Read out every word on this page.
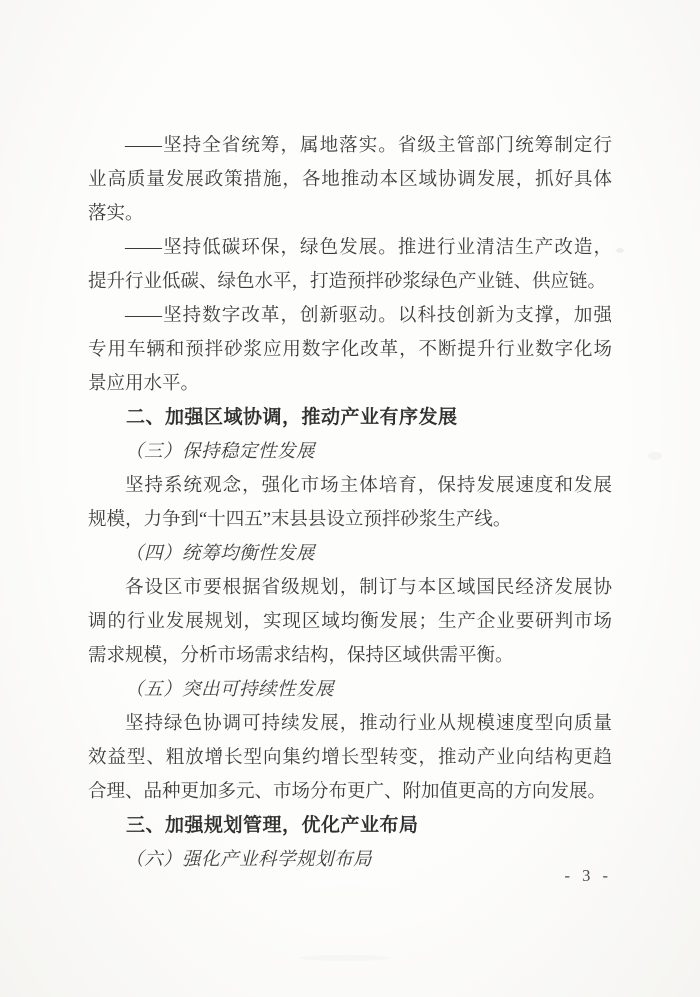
——坚持全省统筹，属地落实。省级主管部门统筹制定行
业高质量发展政策措施，各地推动本区域协调发展，抓好具体
落实。
——坚持低碳环保，绿色发展。推进行业清洁生产改造，
提升行业低碳、绿色水平，打造预拌砂浆绿色产业链、供应链。
——坚持数字改革，创新驱动。以科技创新为支撑，加强
专用车辆和预拌砂浆应用数字化改革，不断提升行业数字化场
景应用水平。
二、加强区域协调，推动产业有序发展
（三）保持稳定性发展
坚持系统观念，强化市场主体培育，保持发展速度和发展
规模，力争到“十四五”末县县设立预拌砂浆生产线。
（四）统筹均衡性发展
各设区市要根据省级规划，制订与本区域国民经济发展协
调的行业发展规划，实现区域均衡发展；生产企业要研判市场
需求规模，分析市场需求结构，保持区域供需平衡。
（五）突出可持续性发展
坚持绿色协调可持续发展，推动行业从规模速度型向质量
效益型、粗放增长型向集约增长型转变，推动产业向结构更趋
合理、品种更加多元、市场分布更广、附加值更高的方向发展。
三、加强规划管理，优化产业布局
（六）强化产业科学规划布局
- 3 -
